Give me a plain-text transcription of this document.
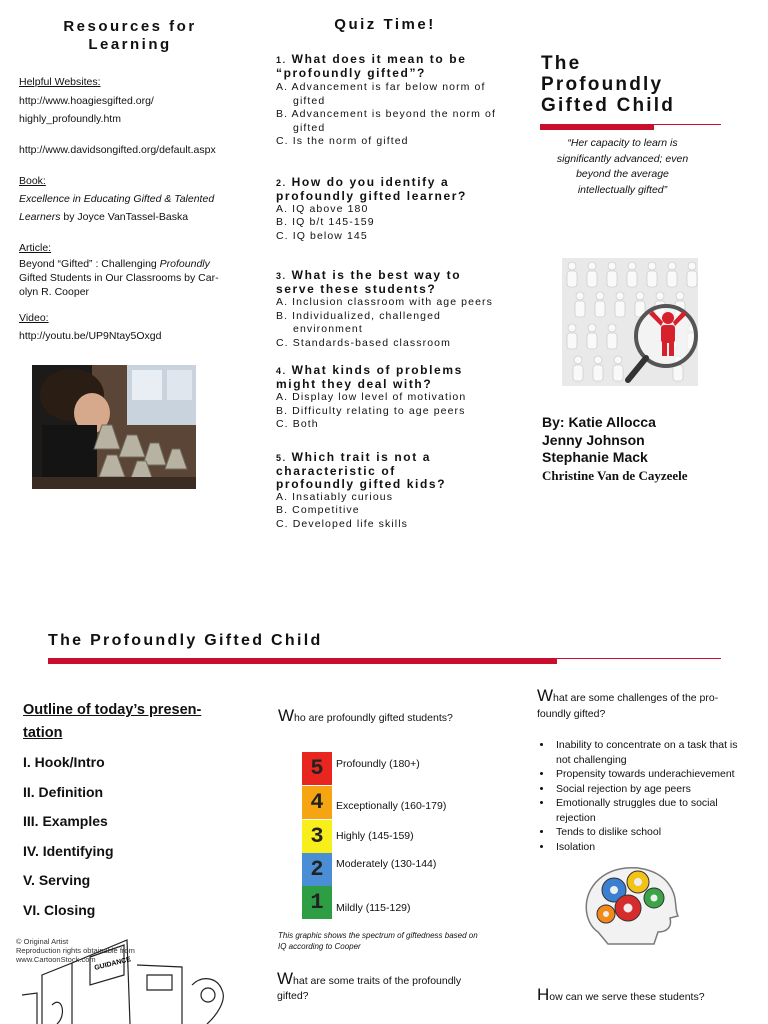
Resources for Learning
Helpful Websites:
http://www.hoagiesgifted.org/
highly_profoundly.htm
http://www.davidsongifted.org/default.aspx
Book:
Excellence in Educating Gifted & Talented
Learners by Joyce VanTassel-Baska
Article:
Beyond “Gifted” : Challenging Profoundly
Gifted Students in Our Classrooms by Car-
olyn R. Cooper
Video:
http://youtu.be/UP9Ntay5Oxgd
Quiz Time!
1. What does it mean to be
“profoundly gifted”?
A. Advancement is far below norm of gifted
B. Advancement is beyond the norm of gifted
C. Is the norm of gifted
2. How do you identify a
profoundly gifted learner?
A. IQ above 180
B. IQ b/t 145-159
C. IQ below 145
3. What is the best way to
serve these students?
A. Inclusion classroom with age peers
B. Individualized, challenged environment
C. Standards-based classroom
4. What kinds of problems
might they deal with?
A. Display low level of motivation
B. Difficulty relating to age peers
C. Both
5. Which trait is not a
characteristic of
profoundly gifted kids?
A. Insatiably curious
B. Competitive
C. Developed life skills
The
Profoundly
Gifted Child
“Her capacity to learn is
significantly advanced; even
beyond the average
intellectually gifted”
By: Katie Allocca
Jenny Johnson
Stephanie Mack
Christine Van de Cayzeele
The Profoundly Gifted Child
Outline of today’s presen-
tation
I. Hook/Intro
II. Definition
III. Examples
IV. Identifying
V. Serving
VI. Closing
© Original Artist
Reproduction rights obtainable from
www.CartoonStock.com
GUIDANCE
Who are profoundly gifted students?
5	Profoundly (180+)
4	Exceptionally (160-179)
3	Highly (145-159)
2	Moderately (130-144)
1	Mildly (115-129)
This graphic shows the spectrum of giftedness based on
IQ according to Cooper
What are some traits of the profoundly
gifted?
What are some challenges of the pro-
foundly gifted?
• Inability to concentrate on a task that is not challenging
• Propensity towards underachievement
• Social rejection by age peers
• Emotionally struggles due to social rejection
• Tends to dislike school
• Isolation
How can we serve these students?
